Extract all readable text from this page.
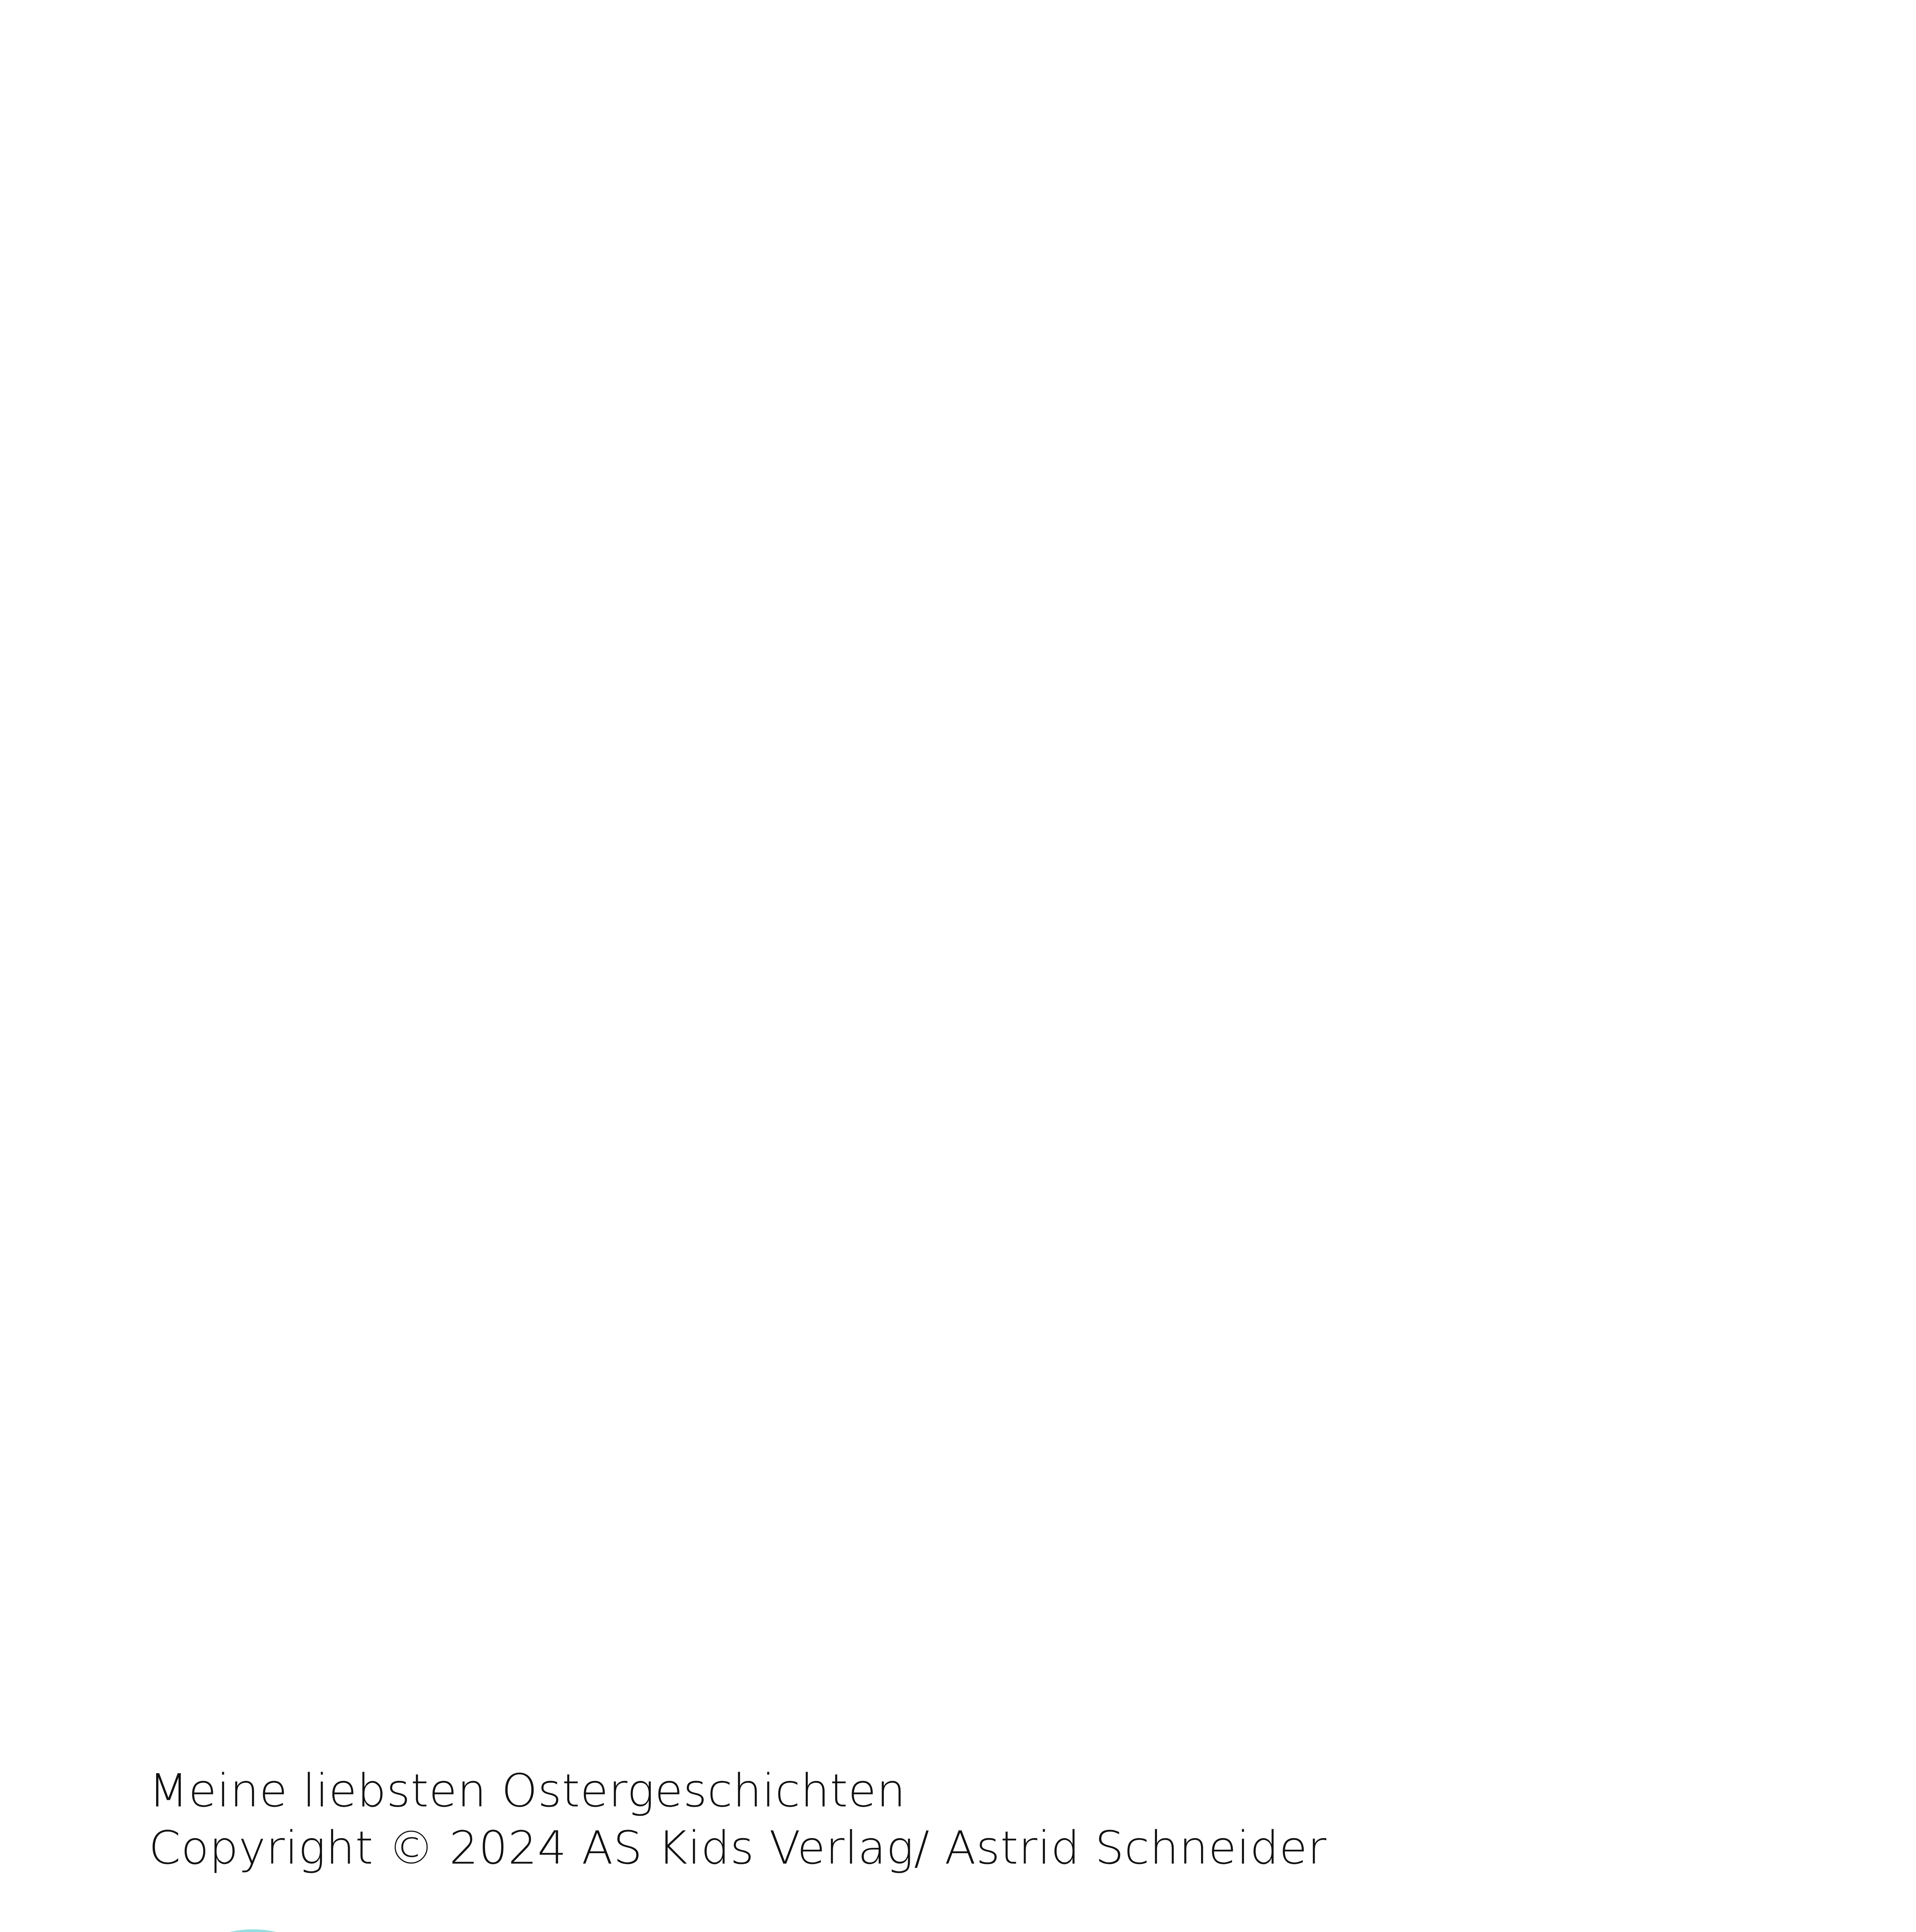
Meine liebsten Ostergeschichten
Copyright © 2024 AS Kids Verlag/ Astrid Schneider
